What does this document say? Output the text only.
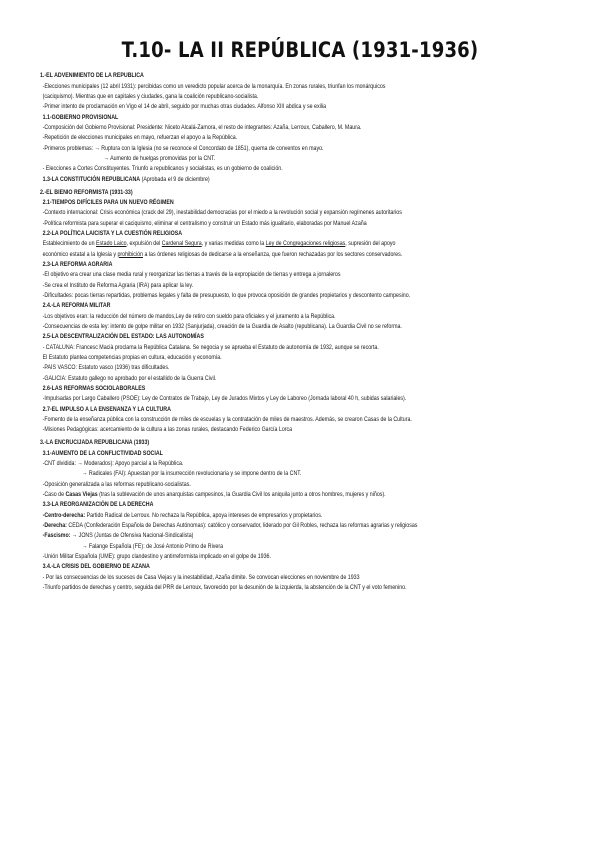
T.10- LA II REPÚBLICA (1931-1936)
1.-EL ADVENIMIENTO DE LA REPÚBLICA
-Elecciones municipales (12 abril 1931): percibidas como un veredicto popular acerca de la monarquía. En zonas rurales, triunfan los monárquicos
(caciquismo). Mientras que en capitales y ciudades, gana la coalición republicano-socialista.
-Primer intento de proclamación en Vigo el 14 de abril, seguido por muchas otras ciudades. Alfonso XIII abdica y se exilia
1.1-GOBIERNO PROVISIONAL
-Composición del Gobierno Provisional: Presidente: Niceto Alcalá-Zamora, el resto de integrantes: Azaña, Lerroux, Caballero, M. Maura.
-Repetición de elecciones municipales en mayo, refuerzan el apoyo a la República.
-Primeros problemas: → Ruptura con la Iglesia (no se reconoce el Concordato de 1851), quema de conventos en mayo.
→ Aumento de huelgas promovidas por la CNT.
- Elecciones a Cortes Constituyentes. Triunfo a republicanos y socialistas, es un gobierno de coalición.
1.3-LA CONSTITUCIÓN REPUBLICANA (Aprobada el 9 de diciembre)
2.-EL BIENIO REFORMISTA (1931-33)
2.1-TIEMPOS DIFÍCILES PARA UN NUEVO RÉGIMEN
-Contexto internacional: Crisis económica (crack del 29), inestabilidad democracias por el miedo a la revolución social y expansión regímenes autoritarios
-Política reformista para superar el caciquismo, eliminar el centralismo y construir un Estado más igualitario, elaboradas por Manuel Azaña
2.2-LA POLÍTICA LAICISTA Y LA CUESTIÓN RELIGIOSA
Establecimiento de un Estado Laico, expulsión del Cardenal Segura, y varias medidas como la Ley de Congregaciones religiosas, supresión del apoyo
económico estatal a la Iglesia y prohibición a las órdenes religiosas de dedicarse a la enseñanza, que fueron rechazadas por los sectores conservadores.
2.3-LA REFORMA AGRARIA
-El objetivo era crear una clase media rural y reorganizar las tierras a través de la expropiación de tierras y entrega a jornaleros
-Se crea el Instituto de Reforma Agraria (IRA) para aplicar la ley.
-Dificultades: pocas tierras repartidas, problemas legales y falta de presupuesto, lo que provoca oposición de grandes propietarios y descontento campesino.
2.4.-LA REFORMA MILITAR
-Los objetivos eran: la reducción del número de mandos,Ley de retiro con sueldo para oficiales y el juramento a la República.
-Consecuencias de esta ley: intento de golpe militar en 1932 (Sanjurjada), creación de la Guardia de Asalto (republicana). La Guardia Civil no se reforma.
2.5-LA DESCENTRALIZACIÓN DEL ESTADO: LAS AUTONOMÍAS
- CATALUÑA: Francesc Macià proclama la República Catalana. Se negocia y se aprueba el Estatuto de autonomía de 1932, aunque se recorta.
El Estatuto plantea competencias propias en cultura, educación y economía.
-PAÍS VASCO: Estatuto vasco (1936) tras dificultades.
-GALICIA: Estatuto gallego no aprobado por el estallido de la Guerra Civil.
2.6-LAS REFORMAS SOCIOLABORALES
-Impulsadas por Largo Caballero (PSOE): Ley de Contratos de Trabajo, Ley de Jurados Mixtos y Ley de Laboreo (Jornada laboral 40 h, subidas salariales).
2.7-EL IMPULSO A LA ENSEÑANZA Y LA CULTURA
-Fomento de la enseñanza pública con la construcción de miles de escuelas y la contratación de miles de maestros. Además, se crearon Casas de la Cultura.
-Misiones Pedagógicas: acercamiento de la cultura a las zonas rurales, destacando Federico García Lorca
3.-LA ENCRUCIJADA REPUBLICANA (1933)
3.1-AUMENTO DE LA CONFLICTIVIDAD SOCIAL
-CNT dividida: → Moderados): Apoyo parcial a la República.
→ Radicales (FAI): Apuestan por la insurrección revolucionaria y se impone dentro de la CNT.
-Oposición generalizada a las reformas republicano-socialistas.
-Caso de Casas Viejas (tras la sublevación de unos anarquistas campesinos, la Guardia Civil los aniquila junto a otros hombres, mujeres y niños).
3.3-LA REORGANIZACIÓN DE LA DERECHA
-Centro-derecha: Partido Radical de Lerroux. No rechaza la República, apoya intereses de empresarios y propietarios.
-Derecha: CEDA (Confederación Española de Derechas Autónomas): católico y conservador, liderado por Gil Robles, rechaza las reformas agrarias y religiosas
-Fascismo: → JONS (Juntas de Ofensiva Nacional-Sindicalista)
→ Falange Española (FE): de José Antonio Primo de Rivera
-Unión Militar Española (UME): grupo clandestino y antirreformista implicado en el golpe de 1936.
3.4.-LA CRISIS DEL GOBIERNO DE AZAÑA
- Por las consecuencias de los sucesos de Casa Viejas y la inestabilidad, Azaña dimite. Se convocan elecciones en noviembre de 1933
-Triunfo partidos de derechas y centro, seguida del PRR de Lerroux, favorecido por la desunión de la izquierda, la abstención de la CNT y el voto femenino.
